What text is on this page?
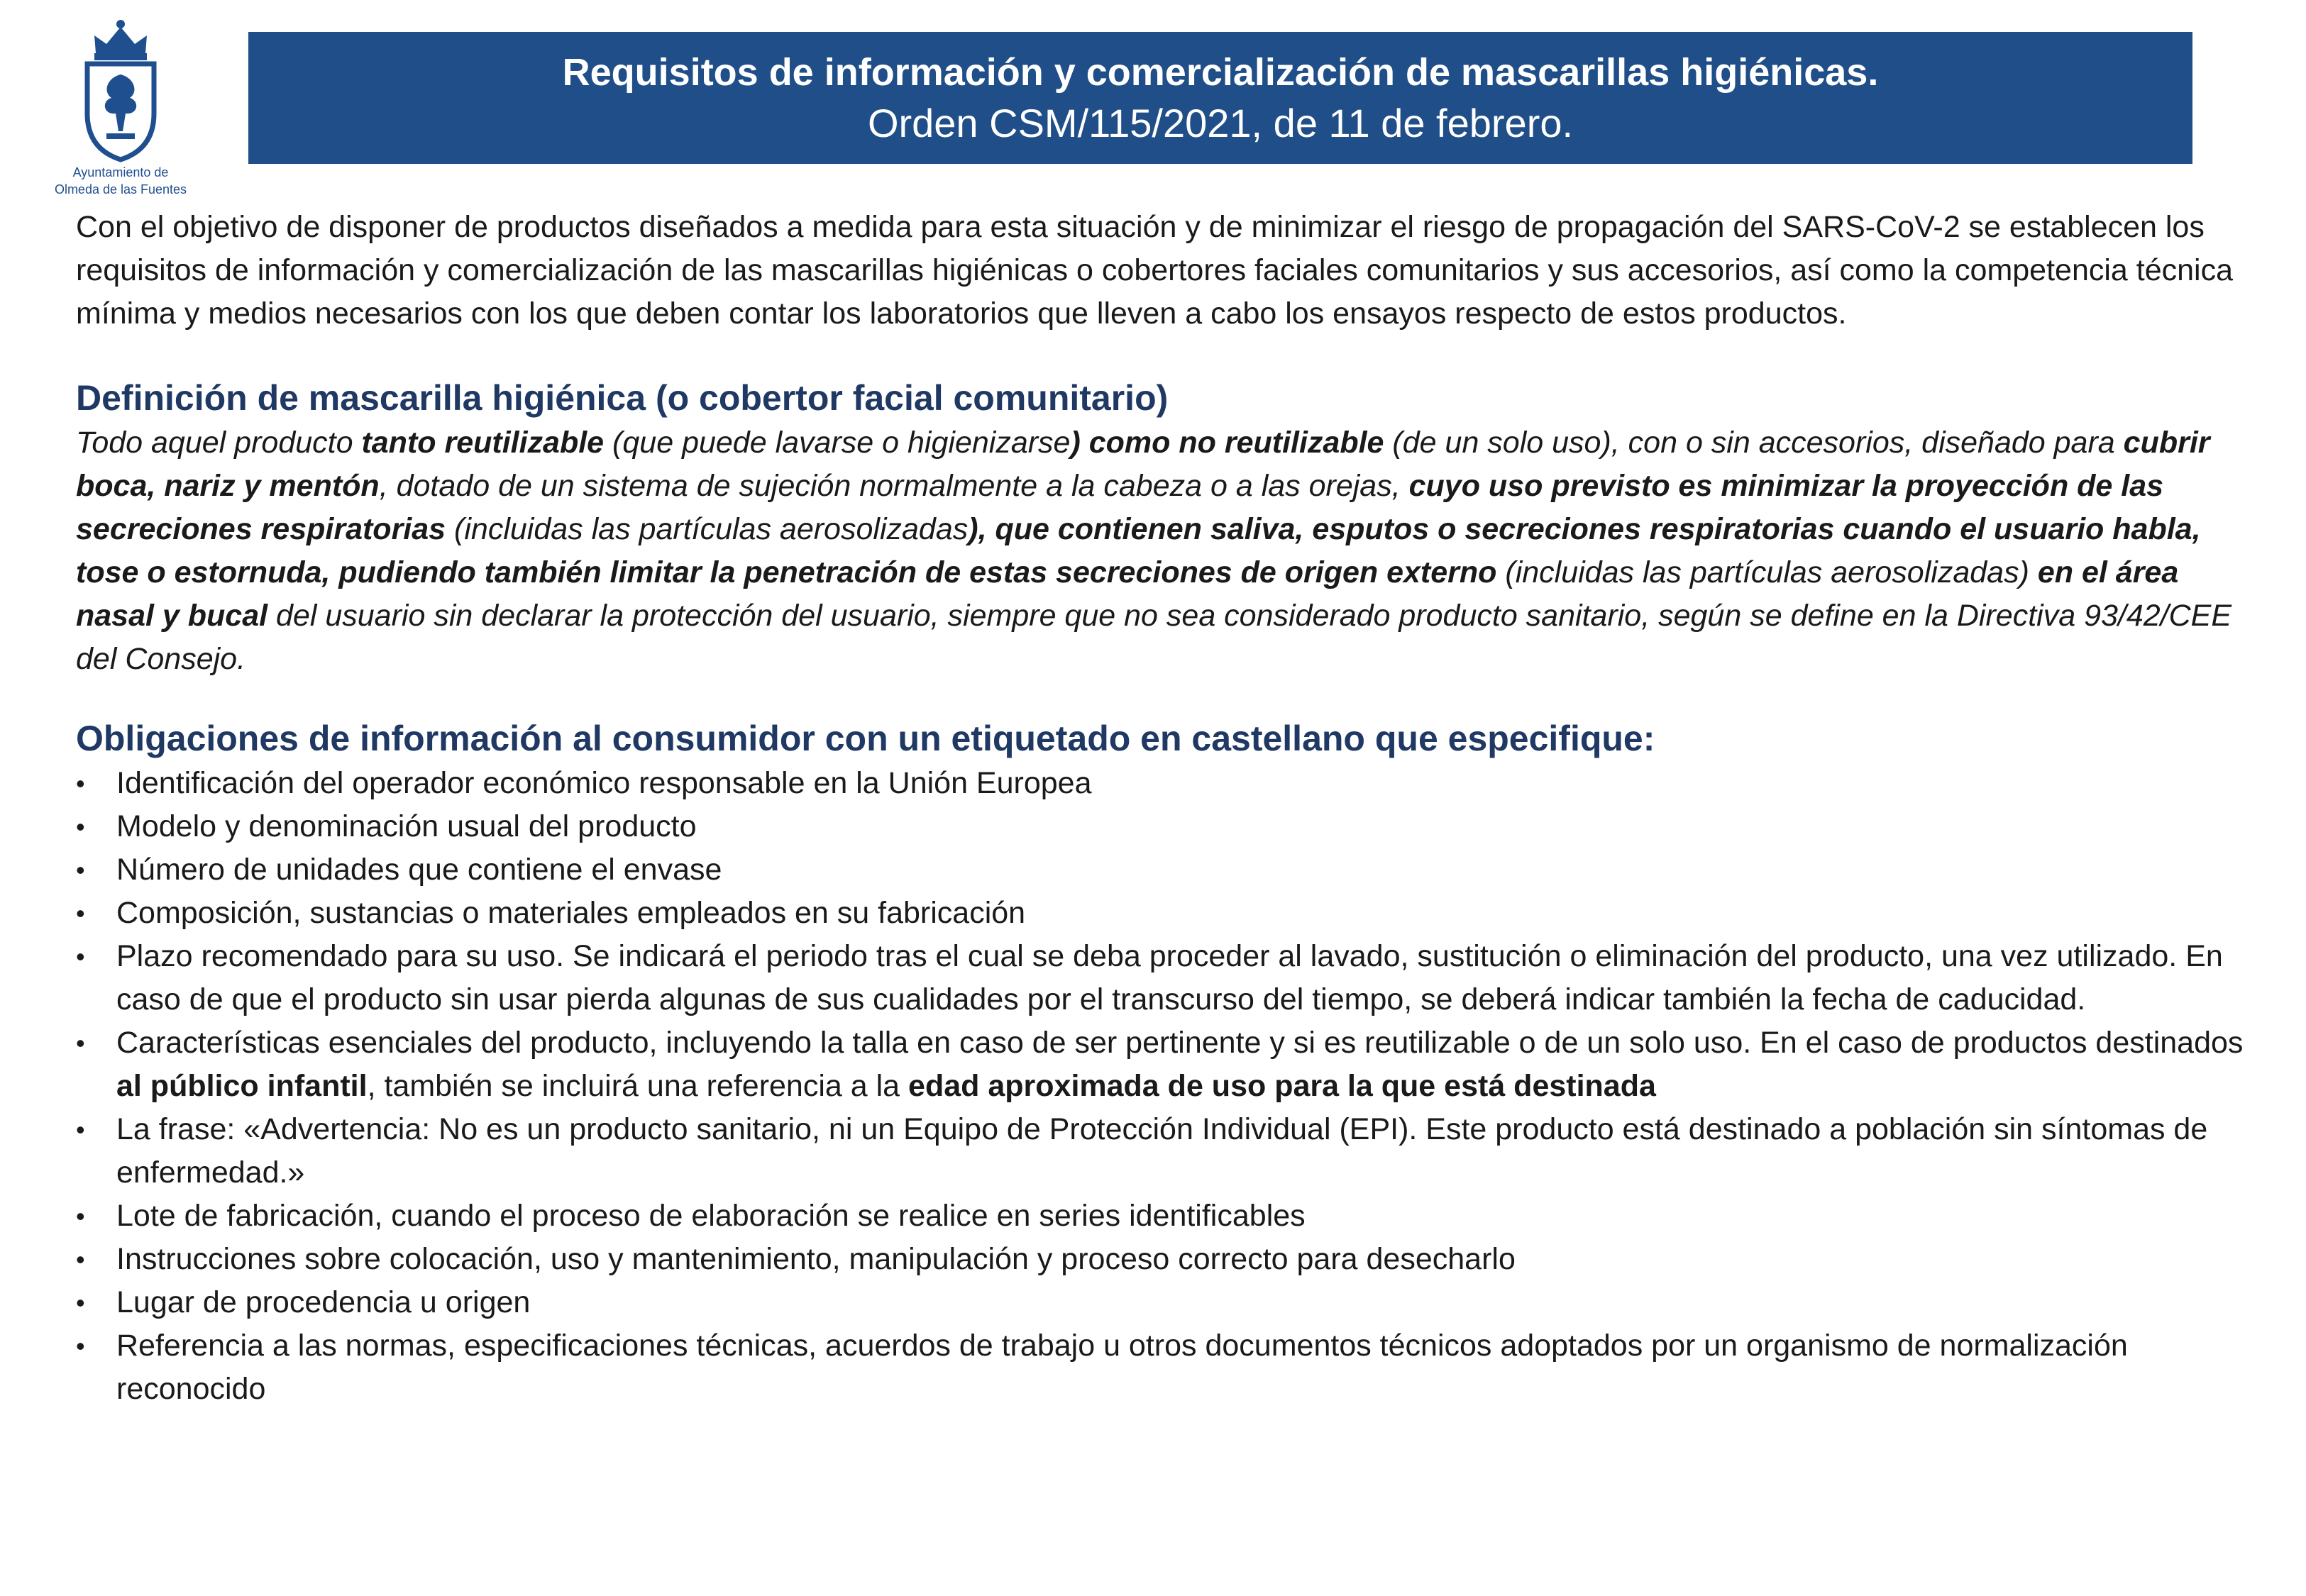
Ayuntamiento de
Olmeda de las Fuentes
Requisitos de información y comercialización de mascarillas higiénicas.
Orden CSM/115/2021, de 11 de febrero.

Con el objetivo de disponer de productos diseñados a medida para esta situación y de minimizar el riesgo de propagación del SARS-CoV-2 se establecen los requisitos de información y comercialización de las mascarillas higiénicas o cobertores faciales comunitarios y sus accesorios, así como la competencia técnica mínima y medios necesarios con los que deben contar los laboratorios que lleven a cabo los ensayos respecto de estos productos.

Definición de mascarilla higiénica (o cobertor facial comunitario)

Todo aquel producto tanto reutilizable (que puede lavarse o higienizarse) como no reutilizable (de un solo uso), con o sin accesorios, diseñado para cubrir boca, nariz y mentón, dotado de un sistema de sujeción normalmente a la cabeza o a las orejas, cuyo uso previsto es minimizar la proyección de las secreciones respiratorias (incluidas las partículas aerosolizadas), que contienen saliva, esputos o secreciones respiratorias cuando el usuario habla, tose o estornuda, pudiendo también limitar la penetración de estas secreciones de origen externo (incluidas las partículas aerosolizadas) en el área nasal y bucal del usuario sin declarar la protección del usuario, siempre que no sea considerado producto sanitario, según se define en la Directiva 93/42/CEE del Consejo.

Obligaciones de información al consumidor con un etiquetado en castellano que especifique:
•	Identificación del operador económico responsable en la Unión Europea
•	Modelo y denominación usual del producto
•	Número de unidades que contiene el envase
•	Composición, sustancias o materiales empleados en su fabricación
•	Plazo recomendado para su uso. Se indicará el periodo tras el cual se deba proceder al lavado, sustitución o eliminación del producto, una vez utilizado. En caso de que el producto sin usar pierda algunas de sus cualidades por el transcurso del tiempo, se deberá indicar también la fecha de caducidad.
•	Características esenciales del producto, incluyendo la talla en caso de ser pertinente y si es reutilizable o de un solo uso. En el caso de productos destinados al público infantil, también se incluirá una referencia a la edad aproximada de uso para la que está destinada
•	La frase: «Advertencia: No es un producto sanitario, ni un Equipo de Protección Individual (EPI). Este producto está destinado a población sin síntomas de enfermedad.»
•	Lote de fabricación, cuando el proceso de elaboración se realice en series identificables
•	Instrucciones sobre colocación, uso y mantenimiento, manipulación y proceso correcto para desecharlo
•	Lugar de procedencia u origen
•	Referencia a las normas, especificaciones técnicas, acuerdos de trabajo u otros documentos técnicos adoptados por un organismo de normalización reconocido
